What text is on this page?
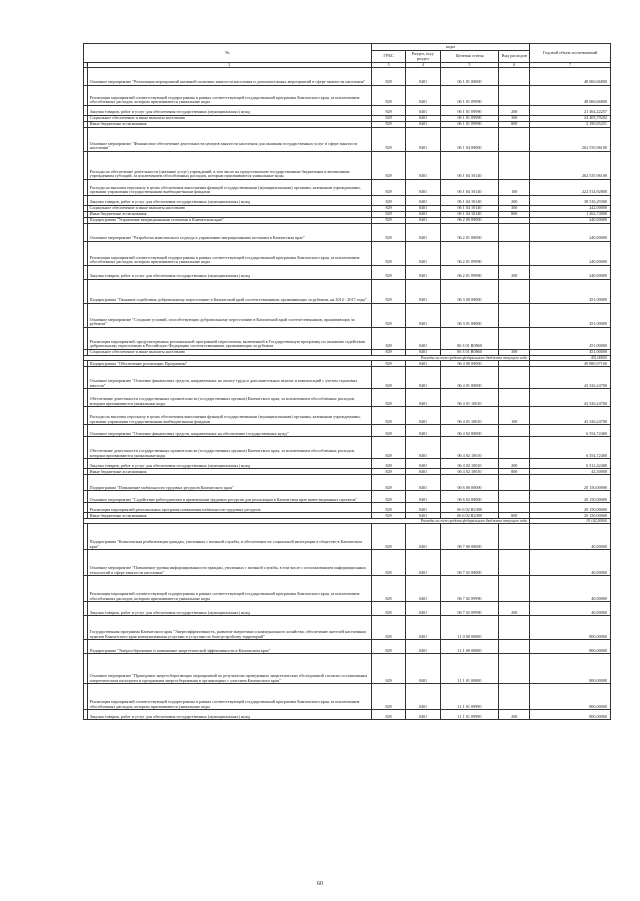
№		коды				Годовой объем ассигнований
		ГРБС	Раздел, под-раздел	Целевая статья	Вид расходов	
1	2	3	4	5	6	7
	Основное мероприятие "Реализация мероприятий активной политики занятости населения и дополнительных мероприятий в сфере занятости населения"	829	0401	06 1 01 00000		48 060,66800
	Реализация мероприятий соответствующей подпрограммы в рамках соответствующей государственной программы Камчатского края, за исключением обособленных расходов, которым присваиваются уникальные коды	829	0401	06 1 01 09990		48 060,66800
	Закупка товаров, работ и услуг для обеспечения государственных (муниципальных) нужд	829	0401	06 1 01 09990	200	21 464,22257
	Социальное обеспечение и иные выплаты населению	829	0401	06 1 01 09990	300	24 405,79292
	Иные бюджетные ассигнования	829	0401	06 1 01 09990	800	2 190,65251
	Основное мероприятие "Финансовое обеспечение деятельности центров занятости населения для оказания государственных услуг в сфере занятости населения"	829	0401	06 1 04 00000		262 535,96100
	Расходы на обеспечение деятельности (оказание услуг) учреждений, в том числе на предоставление государственным бюджетным и автономным учреждениям субсидий, за исключением обособленных расходов, которым присваиваются уникальные коды	829	0401	06 1 04 10140		262 535,96100
	Расходы на выплаты персоналу в целях обеспечения выполнения функций государственными (муниципальными) органами, казенными учреждениями, органами управления государственными внебюджетными фондами	829	0401	06 1 04 10140	100	222 514,92800
	Закупка товаров, работ и услуг для обеспечения государственных (муниципальных) нужд	829	0401	06 1 04 10140	200	38 516,29300
	Социальное обеспечение и иные выплаты населению	829	0401	06 1 04 10140	300	242,00000
	Иные бюджетные ассигнования	829	0401	06 1 04 10140	800	1 262,74000
	Подпрограмма "Управление миграционными потоками в Камчатском крае"	829	0401	06 2 00 00000		240,00000
	Основное мероприятие "Разработка комплексного подхода к управлению миграционными потоками в Камчатском крае"	829	0401	06 2 01 00000		240,00000
	Реализация мероприятий соответствующей подпрограммы в рамках соответствующей государственной программы Камчатского края, за исключением обособленных расходов, которым присваиваются уникальные коды	829	0401	06 2 01 09990		240,00000
	Закупка товаров, работ и услуг для обеспечения государственных (муниципальных) нужд	829	0401	06 2 01 09990	200	240,00000
	Подпрограмма "Оказание содействия добровольному переселению в Камчатский край соотечественников, проживающих за рубежом, на 2014 - 2017 годы"	829	0401	06 3 00 00000		451,00000
	Основное мероприятие "Создание условий, способствующих добровольному переселению в Камчатский край соотечественников, проживающих за рубежом"	829	0401	06 3 01 00000		451,00000
	Реализация мероприятий, предусмотренных региональной программой переселения, включенной в Государственную программу по оказанию содействия добровольному переселению в Российскую Федерацию соотечественников, проживающих за рубежом	829	0401	06 3 01 R0860		451,00000
	Социальное обеспечение и иные выплаты населению	829	0401	06 3 01 R0860	300	451,00000
Расходы за счет средств федерального бюджета текущего года						451,00000
	Подпрограмма "Обеспечение реализации Программы"	829	0401	06 4 00 00000		49 880,97100
	Основное мероприятие "Освоение финансовых средств, направленных на оплату труда и дополнительных выплат и компенсаций с учетом страховых взносов"	829	0401	06 4 01 00000		43 326,24700
	Обеспечение деятельности государственных органов власти (государственных органов) Камчатского края, за исключением обособленных расходов, которым присваиваются уникальные коды	829	0401	06 4 01 10010		43 326,24700
	Расходы на выплаты персоналу в целях обеспечения выполнения функций государственными (муниципальными) органами, казенными учреждениями, органами управления государственными внебюджетными фондами	829	0401	06 4 01 10010	100	43 326,24700
	Основное мероприятие "Освоение финансовых средств, направленных на обеспечение государственных нужд"	829	0401	06 4 02 00000		6 554,72400
	Обеспечение деятельности государственных органов власти (государственных органов) Камчатского края, за исключением обособленных расходов, которым присваиваются уникальные коды	829	0401	06 4 02 10010		6 554,72400
	Закупка товаров, работ и услуг для обеспечения государственных (муниципальных) нужд	829	0401	06 4 02 10010	200	6 512,42400
	Иные бюджетные ассигнования	829	0401	06 4 02 10010	800	42,30000
	Подпрограмма "Повышение мобильности трудовых ресурсов Камчатского края"	829	0401	06 6 00 00000		20 150,00000
	Основное мероприятие "Содействие работодателям в привлечении трудовых ресурсов для реализации в Камчатском крае инвестиционных проектов"	829	0401	06 6 02 00000		20 150,00000
	Реализация мероприятий региональных программ повышения мобильности трудовых ресурсов	829	0401	06 6 02 R2380		20 150,00000
	Иные бюджетные ассигнования	829	0401	06 6 02 R2380	800	20 150,00000
Расходы за счет средств федерального бюджета текущего года						19 142,50000
	Подпрограмма "Комплексная реабилитация граждан, уволенных с военной службы, и обеспечение их социальной интеграции в общество в Камчатском крае"	829	0401	06 7 00 00000		40,00000
	Основное мероприятие "Повышение уровня информированности граждан, уволенных с военной службы, в том числе с использованием информационных технологий в сфере занятости населения"	829	0401	06 7 02 00000		40,00000
	Реализация мероприятий соответствующей подпрограммы в рамках соответствующей государственной программы Камчатского края, за исключением обособленных расходов, которым присваиваются уникальные коды	829	0401	06 7 02 09990		40,00000
	Закупка товаров, работ и услуг для обеспечения государственных (муниципальных) нужд	829	0401	06 7 02 09990	200	40,00000
	Государственная программа Камчатского края "Энергоэффективность, развитие энергетики и коммунального хозяйства, обеспечение жителей населенных пунктов Камчатского края коммунальными услугами и услугами по благоустройству территорий"	829	0401	11 0 00 00000		800,00000
	Подпрограмма "Энергосбережение и повышение энергетической эффективности в Камчатском крае"	829	0401	11 1 00 00000		800,00000
	Основное мероприятие "Проведение энергосберегающих мероприятий по результатам проведенных энергетических обследований согласно составленным энергетическим паспортам и программам энергосбережения в организациях с участием Камчатского края"	829	0401	11 1 01 00000		800,00000
	Реализация мероприятий соответствующей подпрограммы в рамках соответствующей государственной программы Камчатского края, за исключением обособленных расходов, которым присваиваются уникальные коды	829	0401	11 1 01 09990		800,00000
	Закупка товаров, работ и услуг для обеспечения государственных (муниципальных) нужд	829	0401	11 1 01 09990	200	800,00000
60
